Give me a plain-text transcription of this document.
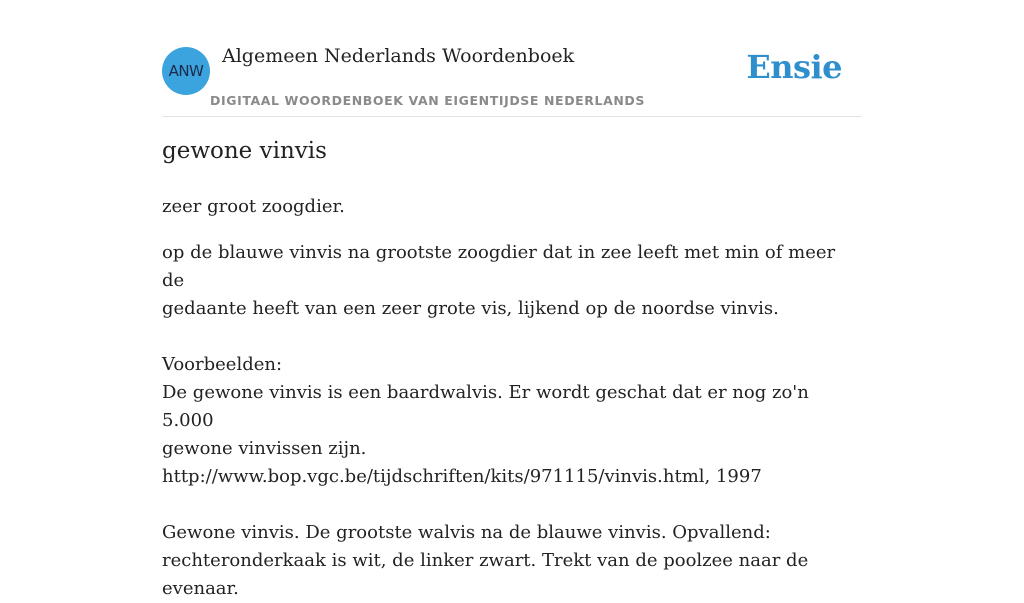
ANW
Algemeen Nederlands Woordenboek
DIGITAAL WOORDENBOEK VAN EIGENTIJDSE NEDERLANDS
Ensie
gewone vinvis
zeer groot zoogdier.

op de blauwe vinvis na grootste zoogdier dat in zee leeft met min of meer de

gedaante heeft van een zeer grote vis, lijkend op de noordse vinvis.

Voorbeelden:

De gewone vinvis is een baardwalvis. Er wordt geschat dat er nog zo'n 5.000

gewone vinvissen zijn.

http://www.bop.vgc.be/tijdschriften/kits/971115/vinvis.html, 1997

Gewone vinvis. De grootste walvis na de blauwe vinvis. Opvallend:

rechteronderkaak is wit, de linker zwart. Trekt van de poolzee naar de evenaar.
